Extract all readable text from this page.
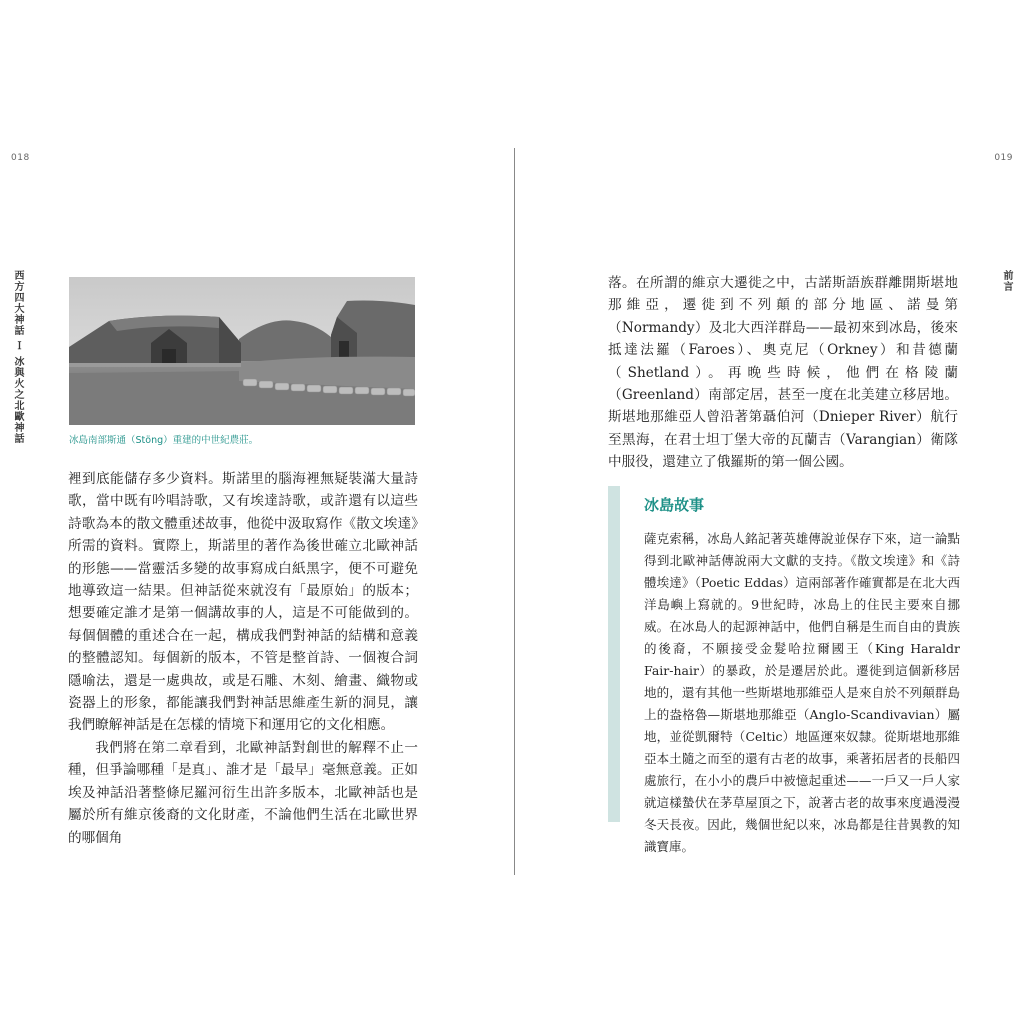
018	019
西方四大神話 Ｉ 冰與火之北歐神話	前言
冰島南部斯通（Stöng）重建的中世紀農莊。

裡到底能儲存多少資料。斯諾里的腦海裡無疑裝滿大量詩歌，當中既有吟唱詩歌，又有埃達詩歌，或許還有以這些詩歌為本的散文體重述故事，他從中汲取寫作《散文埃達》所需的資料。實際上，斯諾里的著作為後世確立北歐神話的形態——當靈活多變的故事寫成白紙黑字，便不可避免地導致這一結果。但神話從來就沒有「最原始」的版本；想要確定誰才是第一個講故事的人，這是不可能做到的。每個個體的重述合在一起，構成我們對神話的結構和意義的整體認知。每個新的版本，不管是整首詩、一個複合詞隱喻法，還是一處典故，或是石雕、木刻、繪畫、織物或瓷器上的形象，都能讓我們對神話思維產生新的洞見，讓我們瞭解神話是在怎樣的情境下和運用它的文化相應。

我們將在第二章看到，北歐神話對創世的解釋不止一種，但爭論哪種「是真」、誰才是「最早」毫無意義。正如埃及神話沿著整條尼羅河衍生出許多版本，北歐神話也是屬於所有維京後裔的文化財產，不論他們生活在北歐世界的哪個角

落。在所謂的維京大遷徙之中，古諾斯語族群離開斯堪地那維亞，遷徙到不列顛的部分地區、諾曼第（Normandy）及北大西洋群島——最初來到冰島，後來抵達法羅（Faroes）、奧克尼（Orkney）和昔德蘭（Shetland）。再晚些時候，他們在格陵蘭（Greenland）南部定居，甚至一度在北美建立移居地。斯堪地那維亞人曾沿著第聶伯河（Dnieper River）航行至黑海，在君士坦丁堡大帝的瓦蘭吉（Varangian）衛隊中服役，還建立了俄羅斯的第一個公國。

冰島故事
薩克索稱，冰島人銘記著英雄傳說並保存下來，這一論點得到北歐神話傳說兩大文獻的支持。《散文埃達》和《詩體埃達》（Poetic Eddas）這兩部著作確實都是在北大西洋島嶼上寫就的。9世紀時，冰島上的住民主要來自挪威。在冰島人的起源神話中，他們自稱是生而自由的貴族的後裔，不願接受金髮哈拉爾國王（King Haraldr Fair-hair）的暴政，於是遷居於此。遷徙到這個新移居地的，還有其他一些斯堪地那維亞人是來自於不列顛群島上的盎格魯—斯堪地那維亞（Anglo-Scandivavian）屬地，並從凱爾特（Celtic）地區運來奴隸。從斯堪地那維亞本土隨之而至的還有古老的故事，乘著拓居者的長船四處旅行，在小小的農戶中被憶起重述——一戶又一戶人家就這樣蟄伏在茅草屋頂之下，說著古老的故事來度過漫漫冬天長夜。因此，幾個世紀以來，冰島都是往昔異教的知識寶庫。
